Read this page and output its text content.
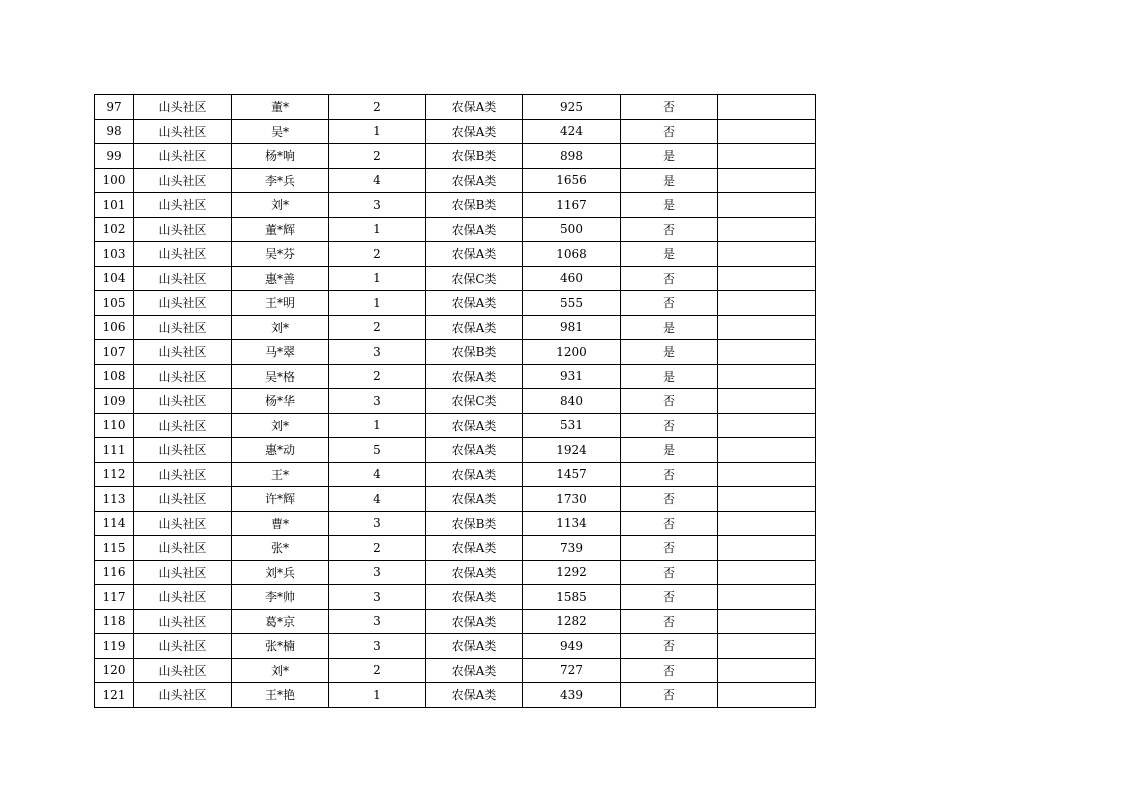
97	山头社区	董*	2	农保A类	925	否	
98	山头社区	吴*	1	农保A类	424	否	
99	山头社区	杨*响	2	农保B类	898	是	
100	山头社区	李*兵	4	农保A类	1656	是	
101	山头社区	刘*	3	农保B类	1167	是	
102	山头社区	董*辉	1	农保A类	500	否	
103	山头社区	吴*芬	2	农保A类	1068	是	
104	山头社区	惠*善	1	农保C类	460	否	
105	山头社区	王*明	1	农保A类	555	否	
106	山头社区	刘*	2	农保A类	981	是	
107	山头社区	马*翠	3	农保B类	1200	是	
108	山头社区	吴*格	2	农保A类	931	是	
109	山头社区	杨*华	3	农保C类	840	否	
110	山头社区	刘*	1	农保A类	531	否	
111	山头社区	惠*动	5	农保A类	1924	是	
112	山头社区	王*	4	农保A类	1457	否	
113	山头社区	许*辉	4	农保A类	1730	否	
114	山头社区	曹*	3	农保B类	1134	否	
115	山头社区	张*	2	农保A类	739	否	
116	山头社区	刘*兵	3	农保A类	1292	否	
117	山头社区	李*帅	3	农保A类	1585	否	
118	山头社区	葛*京	3	农保A类	1282	否	
119	山头社区	张*楠	3	农保A类	949	否	
120	山头社区	刘*	2	农保A类	727	否	
121	山头社区	王*艳	1	农保A类	439	否	
